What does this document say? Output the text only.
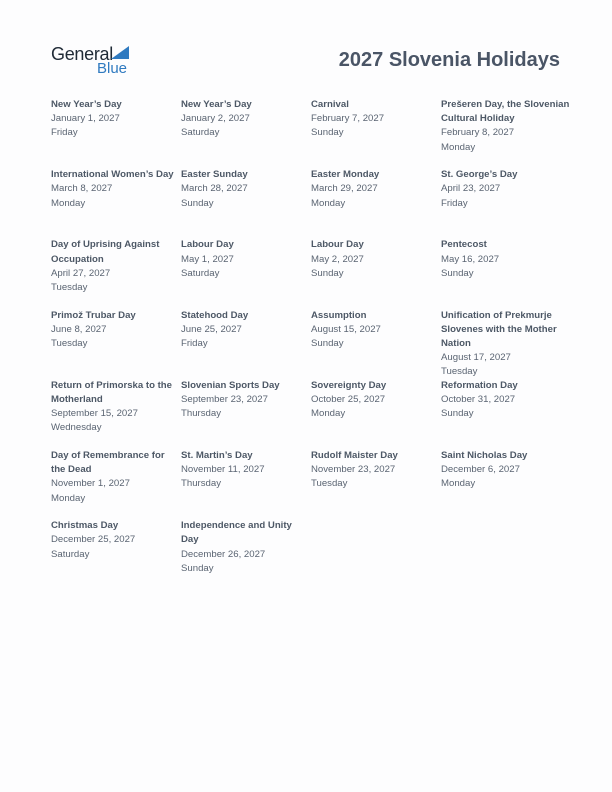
General
Blue	2027 Slovenia Holidays
New Year’s Day
January 1, 2027
Friday
New Year’s Day
January 2, 2027
Saturday
Carnival
February 7, 2027
Sunday
Prešeren Day, the Slovenian Cultural Holiday
February 8, 2027
Monday
International Women’s Day
March 8, 2027
Monday
Easter Sunday
March 28, 2027
Sunday
Easter Monday
March 29, 2027
Monday
St. George’s Day
April 23, 2027
Friday
Day of Uprising Against Occupation
April 27, 2027
Tuesday
Labour Day
May 1, 2027
Saturday
Labour Day
May 2, 2027
Sunday
Pentecost
May 16, 2027
Sunday
Primož Trubar Day
June 8, 2027
Tuesday
Statehood Day
June 25, 2027
Friday
Assumption
August 15, 2027
Sunday
Unification of Prekmurje Slovenes with the Mother Nation
August 17, 2027
Tuesday
Return of Primorska to the Motherland
September 15, 2027
Wednesday
Slovenian Sports Day
September 23, 2027
Thursday
Sovereignty Day
October 25, 2027
Monday
Reformation Day
October 31, 2027
Sunday
Day of Remembrance for the Dead
November 1, 2027
Monday
St. Martin’s Day
November 11, 2027
Thursday
Rudolf Maister Day
November 23, 2027
Tuesday
Saint Nicholas Day
December 6, 2027
Monday
Christmas Day
December 25, 2027
Saturday
Independence and Unity Day
December 26, 2027
Sunday
